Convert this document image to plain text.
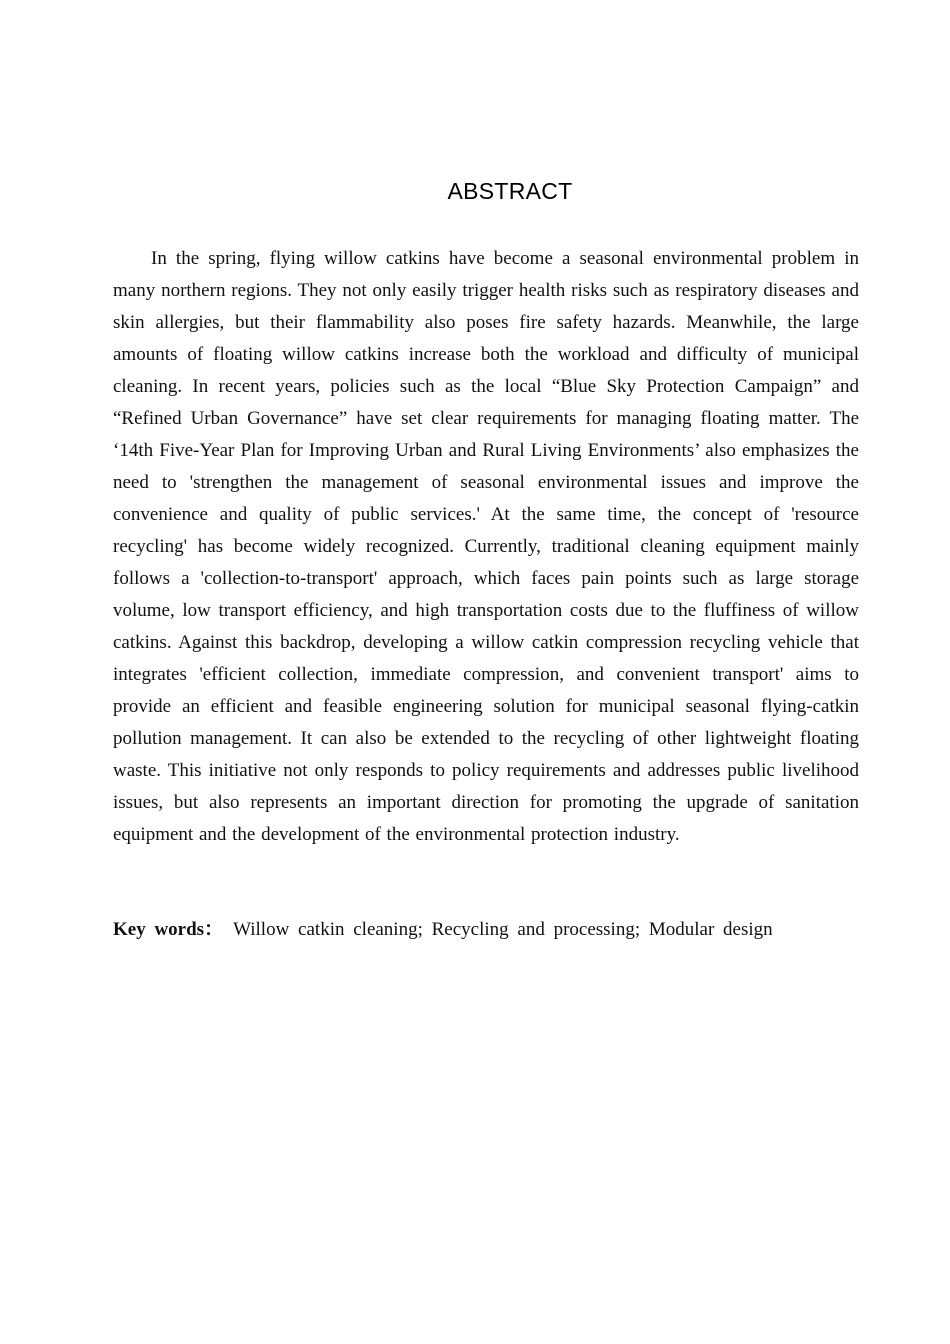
ABSTRACT

In the spring, flying willow catkins have become a seasonal environmental problem in many northern regions. They not only easily trigger health risks such as respiratory diseases and skin allergies, but their flammability also poses fire safety hazards. Meanwhile, the large amounts of floating willow catkins increase both the workload and difficulty of municipal cleaning. In recent years, policies such as the local “Blue Sky Protection Campaign” and “Refined Urban Governance” have set clear requirements for managing floating matter. The ‘14th Five-Year Plan for Improving Urban and Rural Living Environments’ also emphasizes the need to 'strengthen the management of seasonal environmental issues and improve the convenience and quality of public services.' At the same time, the concept of 'resource recycling' has become widely recognized. Currently, traditional cleaning equipment mainly follows a 'collection-to-transport' approach, which faces pain points such as large storage volume, low transport efficiency, and high transportation costs due to the fluffiness of willow catkins. Against this backdrop, developing a willow catkin compression recycling vehicle that integrates 'efficient collection, immediate compression, and convenient transport' aims to provide an efficient and feasible engineering solution for municipal seasonal flying-catkin pollution management. It can also be extended to the recycling of other lightweight floating waste. This initiative not only responds to policy requirements and addresses public livelihood issues, but also represents an important direction for promoting the upgrade of sanitation equipment and the development of the environmental protection industry.

Key words： Willow catkin cleaning; Recycling and processing; Modular design
